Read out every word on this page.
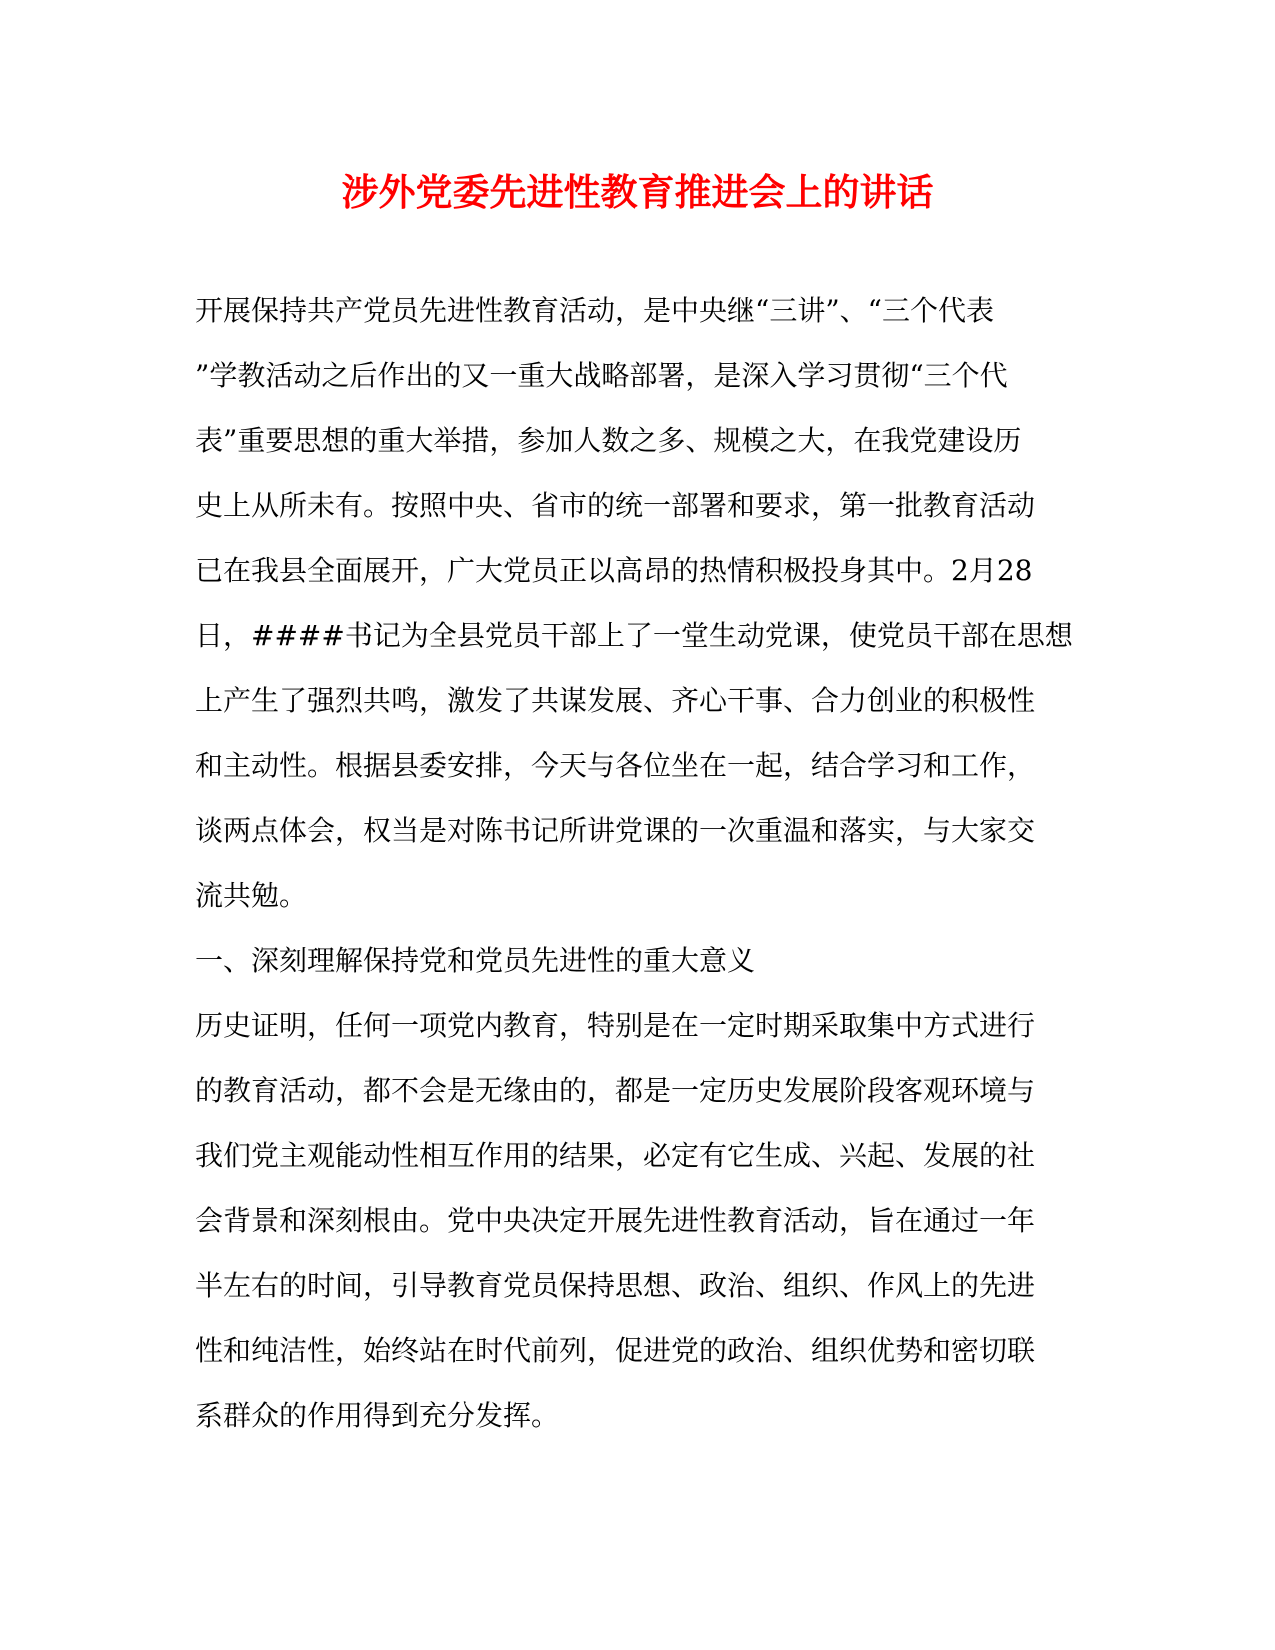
涉外党委先进性教育推进会上的讲话
开展保持共产党员先进性教育活动，是中央继“三讲”、“三个代表
”学教活动之后作出的又一重大战略部署，是深入学习贯彻“三个代
表”重要思想的重大举措，参加人数之多、规模之大，在我党建设历
史上从所未有。按照中央、省市的统一部署和要求，第一批教育活动
已在我县全面展开，广大党员正以高昂的热情积极投身其中。2月28
日，####书记为全县党员干部上了一堂生动党课，使党员干部在思想
上产生了强烈共鸣，激发了共谋发展、齐心干事、合力创业的积极性
和主动性。根据县委安排，今天与各位坐在一起，结合学习和工作，
谈两点体会，权当是对陈书记所讲党课的一次重温和落实，与大家交
流共勉。
一、深刻理解保持党和党员先进性的重大意义
历史证明，任何一项党内教育，特别是在一定时期采取集中方式进行
的教育活动，都不会是无缘由的，都是一定历史发展阶段客观环境与
我们党主观能动性相互作用的结果，必定有它生成、兴起、发展的社
会背景和深刻根由。党中央决定开展先进性教育活动，旨在通过一年
半左右的时间，引导教育党员保持思想、政治、组织、作风上的先进
性和纯洁性，始终站在时代前列，促进党的政治、组织优势和密切联
系群众的作用得到充分发挥。
